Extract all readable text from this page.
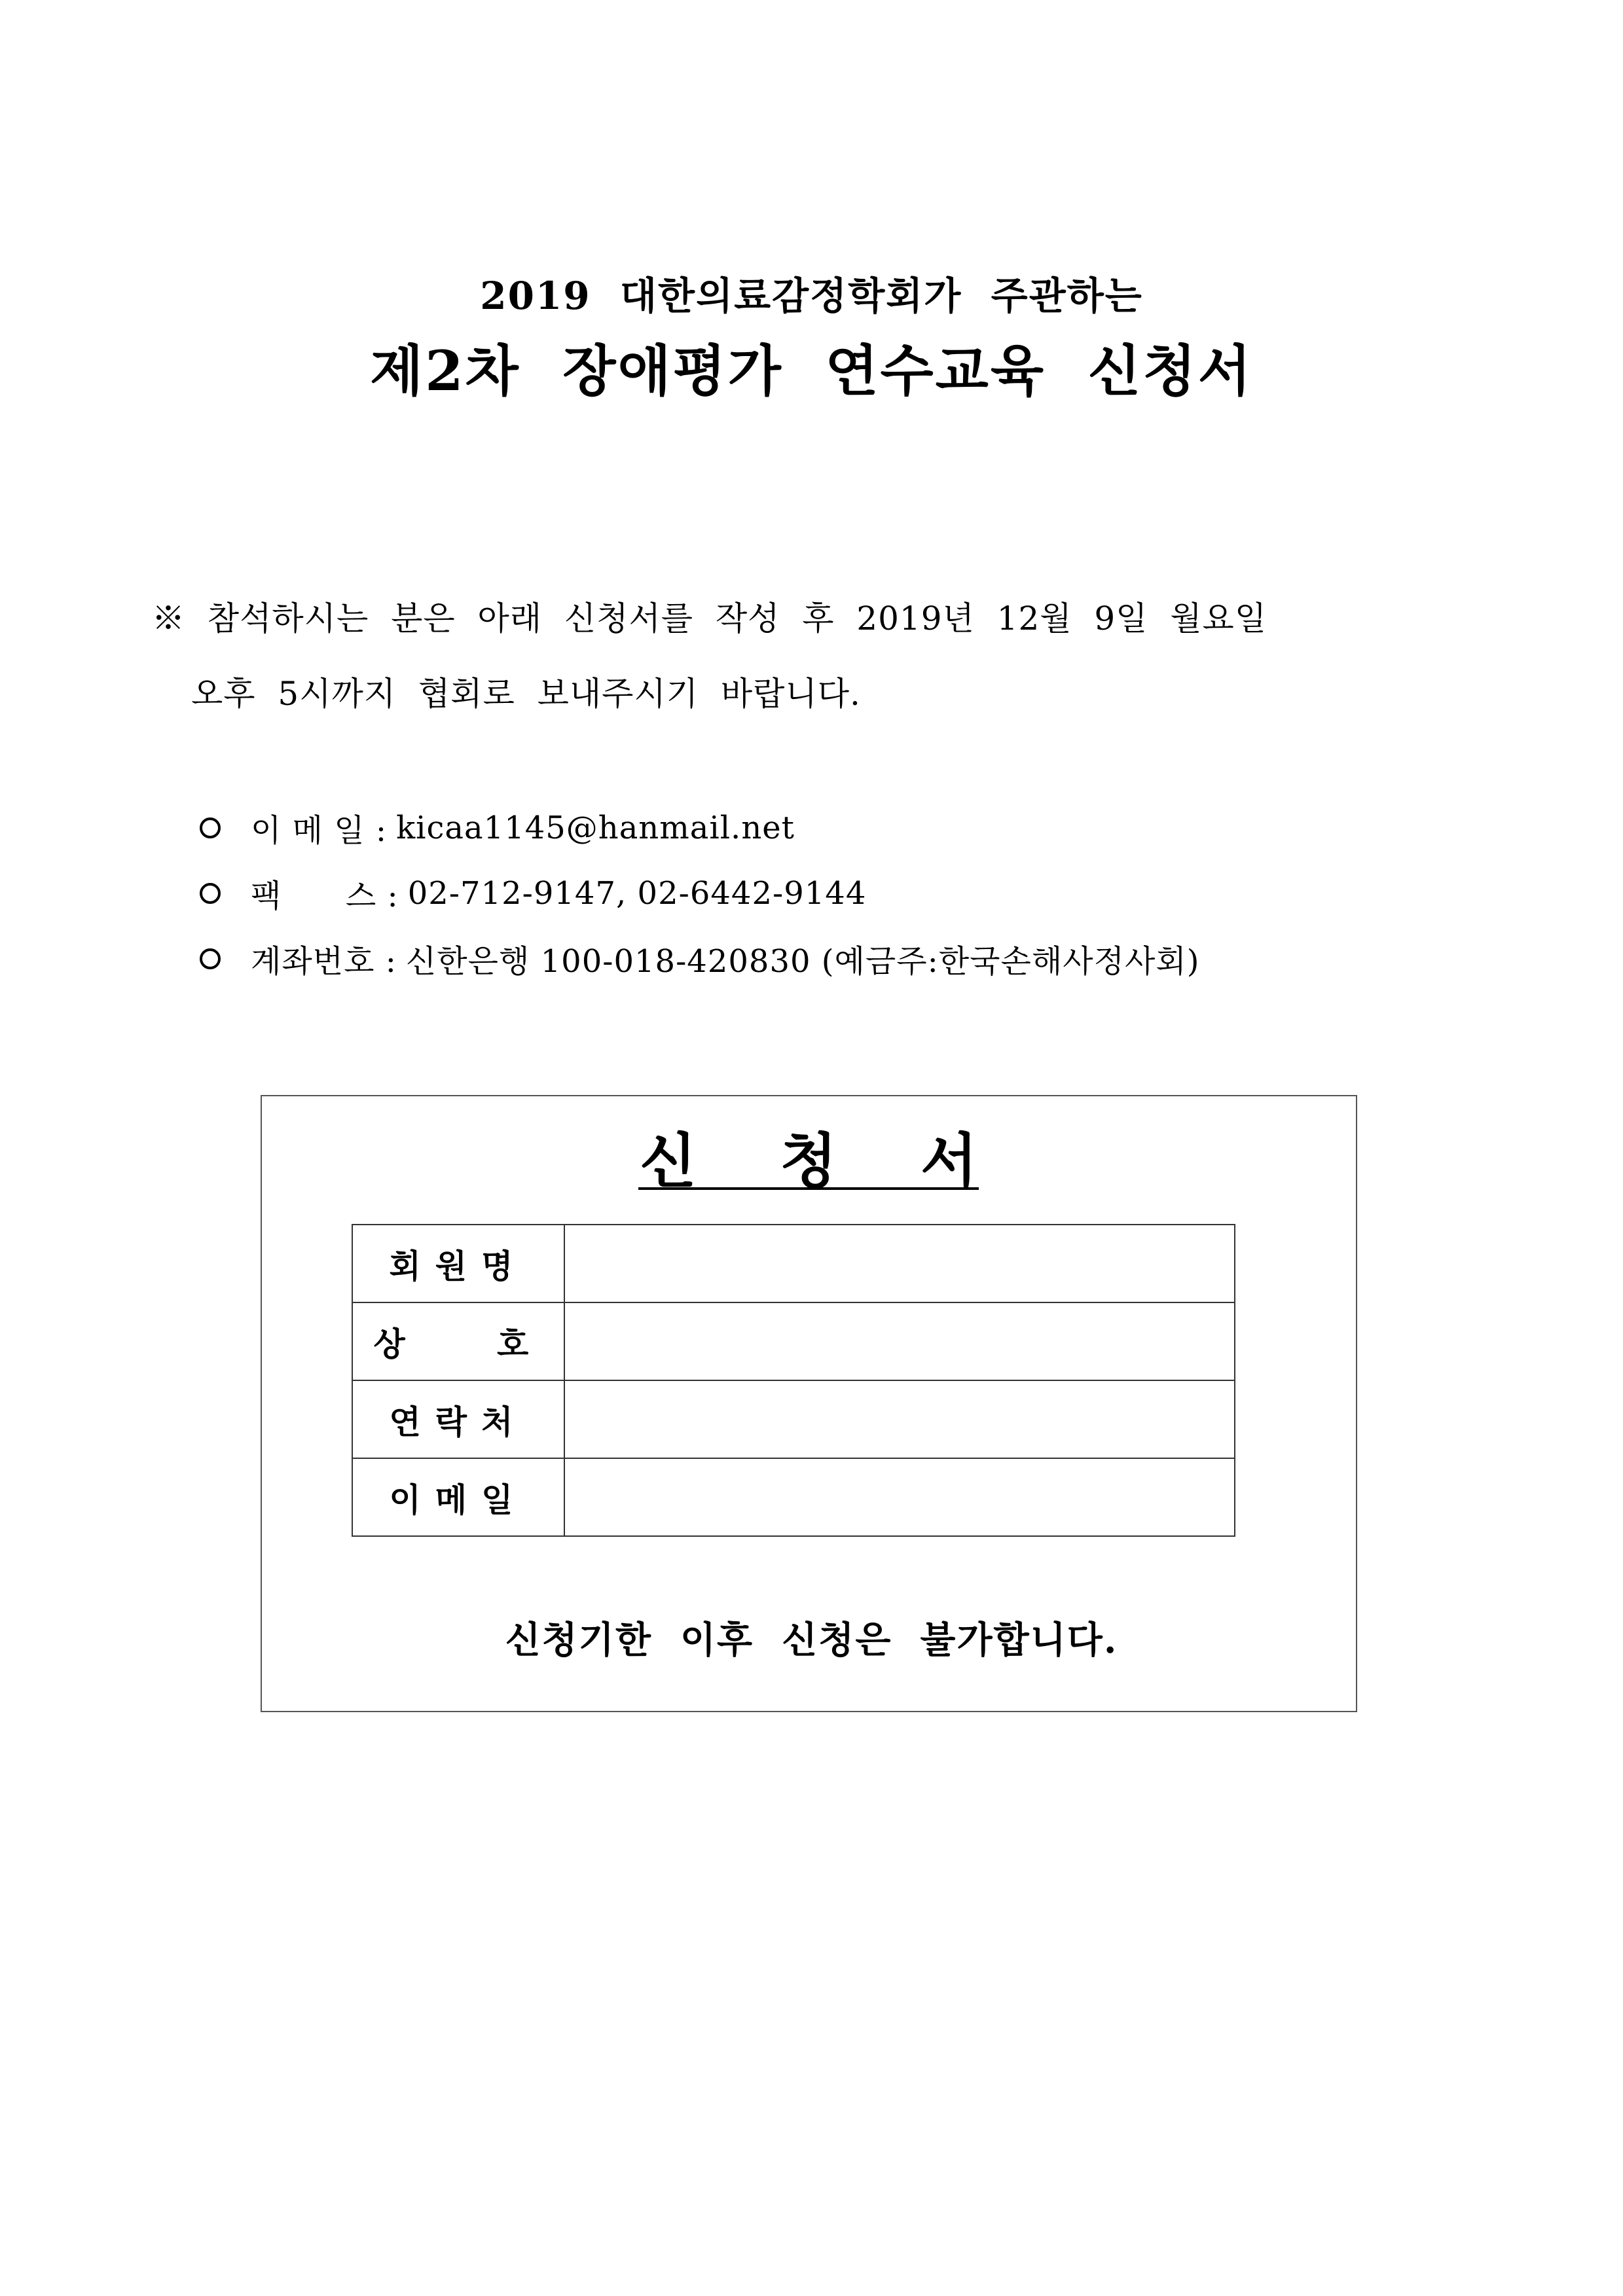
2019  대한의료감정학회가  주관하는
제2차  장애평가  연수교육  신청서
※  참석하시는  분은  아래  신청서를  작성  후  2019년  12월  9일  월요일
오후  5시까지  협회로  보내주시기  바랍니다.
이 메 일 : kicaa1145@hanmail.net
팩      스 : 02-712-9147, 02-6442-9144
계좌번호 : 신한은행 100-018-420830 (예금주:한국손해사정사회)
신 청 서
회원명	
상   호	
연락처	
이메일	
신청기한  이후  신청은  불가합니다.
